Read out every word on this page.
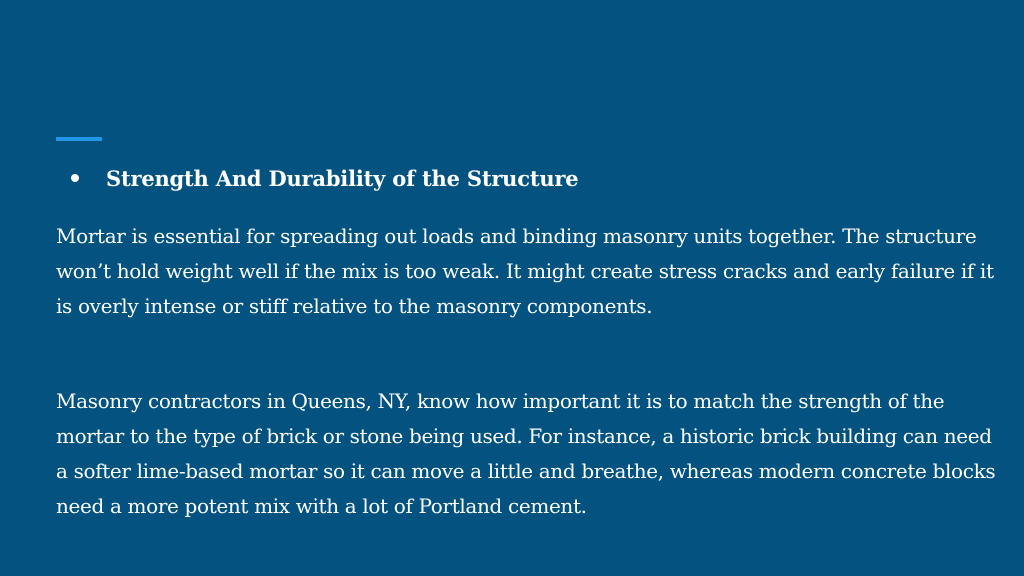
Strength And Durability of the Structure

Mortar is essential for spreading out loads and binding masonry units together. The structure won’t hold weight well if the mix is too weak. It might create stress cracks and early failure if it is overly intense or stiff relative to the masonry components.

Masonry contractors in Queens, NY, know how important it is to match the strength of the mortar to the type of brick or stone being used. For instance, a historic brick building can need a softer lime-based mortar so it can move a little and breathe, whereas modern concrete blocks need a more potent mix with a lot of Portland cement.
